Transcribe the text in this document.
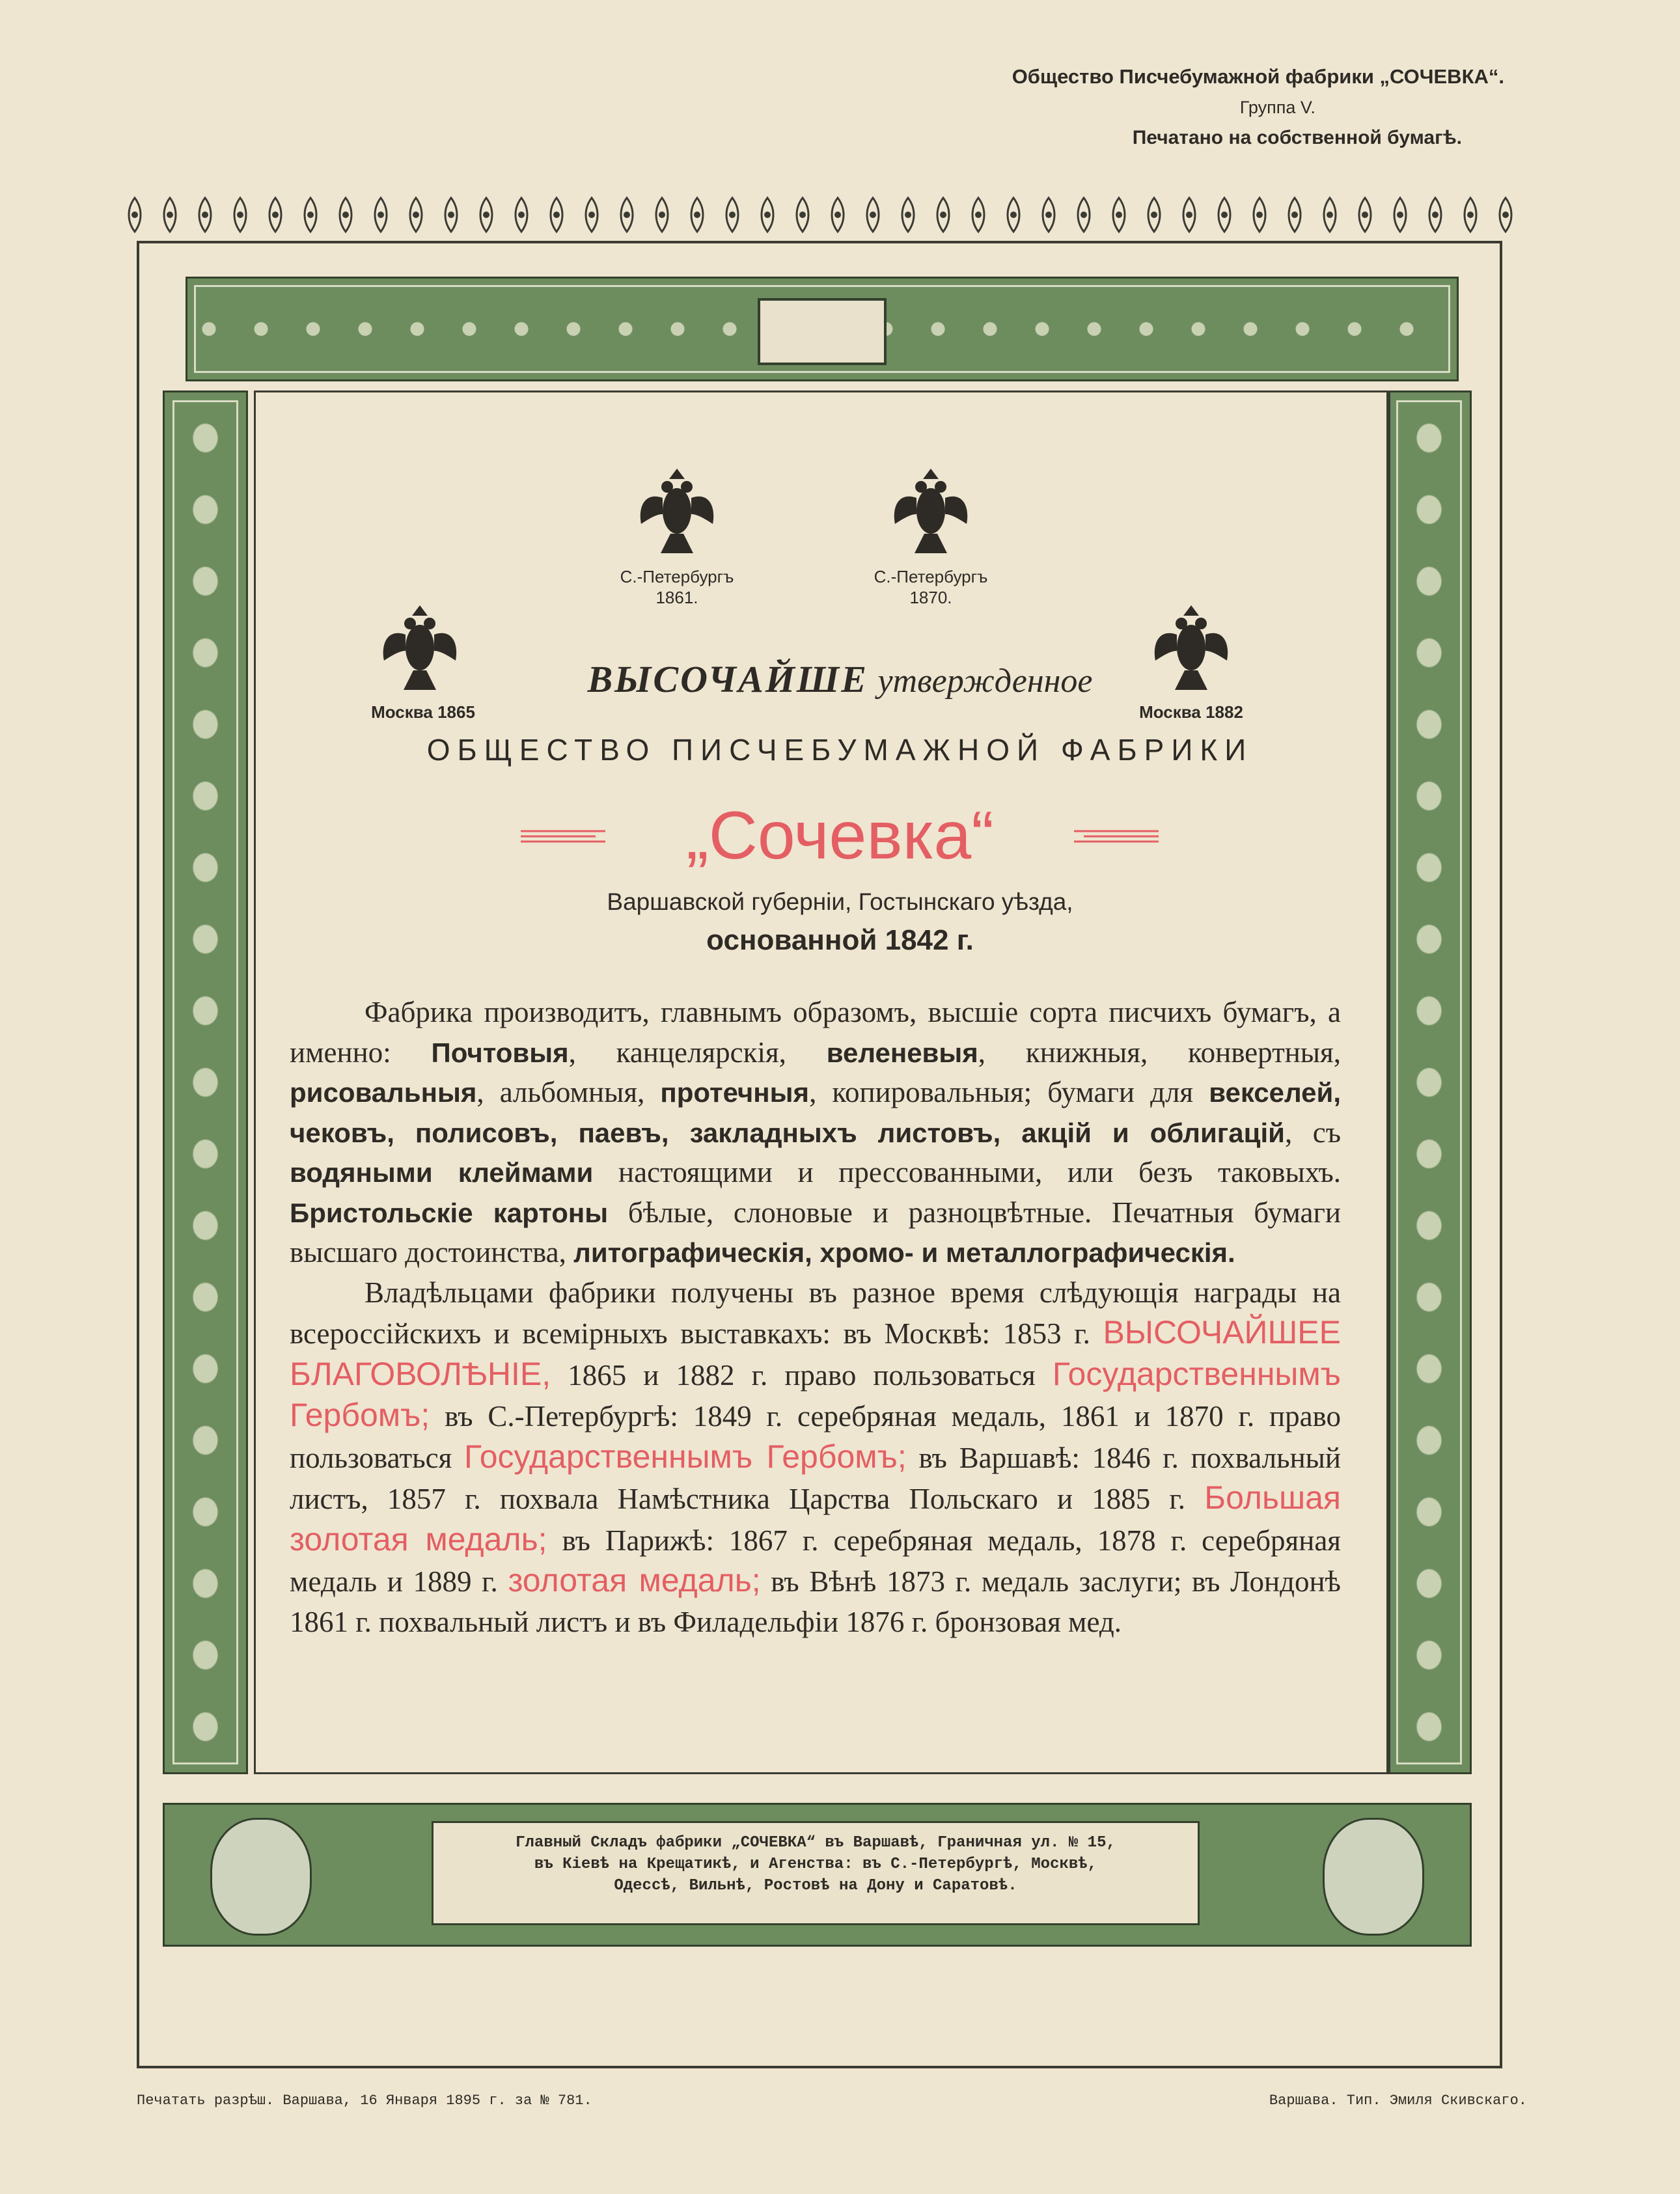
Общество Писчебумажной фабрики „СОЧЕВКА“.
Группа V.
Печатано на собственной бумагѣ.
С.-Петербургъ
1861.
С.-Петербургъ
1870.
Москва 1865	Москва 1882
ВЫСОЧАЙШЕ утвержденное
ОБЩЕСТВО ПИСЧЕБУМАЖНОЙ ФАБРИКИ
„Сочевка“
Варшавской губерніи, Гостынскаго уѣзда,
основанной 1842 г.

Фабрика производитъ, главнымъ образомъ, высшіе сорта писчихъ бумагъ, а именно: Почтовыя, канцелярскія, веленевыя, книжныя, конвертныя, рисовальныя, альбомныя, протечныя, копировальныя; бумаги для векселей, чековъ, полисовъ, паевъ, закладныхъ листовъ, акцій и облигацій, съ водяными клеймами настоящими и прессованными, или безъ таковыхъ. Бристольскіе картоны бѣлые, слоновые и разноцвѣтные. Печатныя бумаги высшаго достоинства, литографическія, хромо- и металлографическія.

Владѣльцами фабрики получены въ разное время слѣдующія награды на всероссійскихъ и всемірныхъ выставкахъ: въ Москвѣ: 1853 г. ВЫСОЧАЙШЕЕ БЛАГОВОЛѢНІЕ, 1865 и 1882 г. право пользоваться Государственнымъ Гербомъ; въ С.-Петербургѣ: 1849 г. серебряная медаль, 1861 и 1870 г. право пользоваться Государственнымъ Гербомъ; въ Варшавѣ: 1846 г. похвальный листъ, 1857 г. похвала Намѣстника Царства Польскаго и 1885 г. Большая золотая медаль; въ Парижѣ: 1867 г. серебряная медаль, 1878 г. серебряная медаль и 1889 г. золотая медаль; въ Вѣнѣ 1873 г. медаль заслуги; въ Лондонѣ 1861 г. похвальный листъ и въ Филадельфіи 1876 г. бронзовая мед.

Главный Складъ фабрики „СОЧЕВКА“ въ Варшавѣ, Граничная ул. № 15,
въ Кіевѣ на Крещатикѣ, и Агенства: въ С.-Петербургѣ, Москвѣ,
Одессѣ, Вильнѣ, Ростовѣ на Дону и Саратовѣ.
Печатать разрѣш. Варшава, 16 Января 1895 г. за № 781.	Варшава. Тип. Эмиля Скивскаго.
